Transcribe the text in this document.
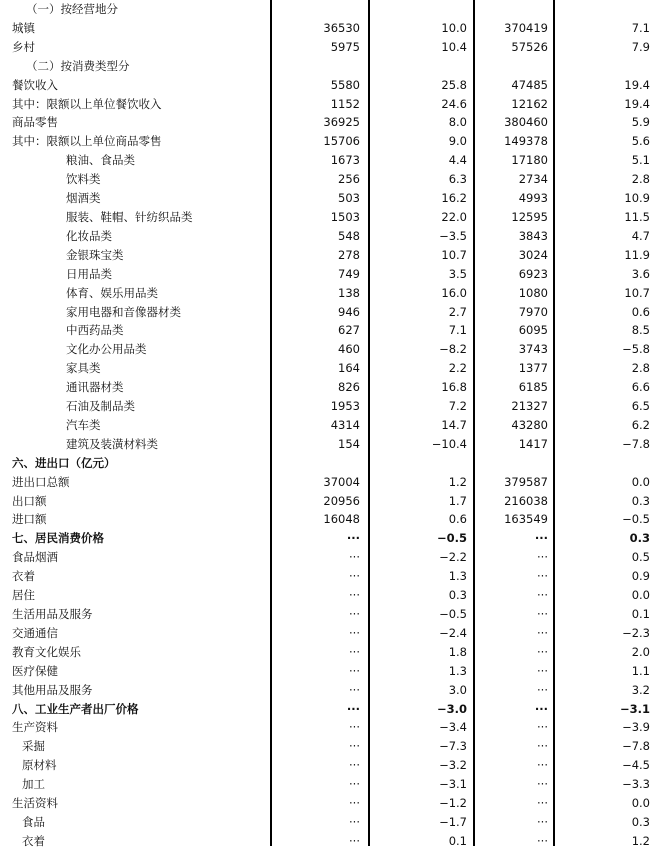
（一）按经营地分
城镇	36530	10.0	370419	7.1
乡村	5975	10.4	57526	7.9
（二）按消费类型分
餐饮收入	5580	25.8	47485	19.4
其中：限额以上单位餐饮收入	1152	24.6	12162	19.4
商品零售	36925	8.0	380460	5.9
其中：限额以上单位商品零售	15706	9.0	149378	5.6
粮油、食品类	1673	4.4	17180	5.1
饮料类	256	6.3	2734	2.8
烟酒类	503	16.2	4993	10.9
服装、鞋帽、针纺织品类	1503	22.0	12595	11.5
化妆品类	548	−3.5	3843	4.7
金银珠宝类	278	10.7	3024	11.9
日用品类	749	3.5	6923	3.6
体育、娱乐用品类	138	16.0	1080	10.7
家用电器和音像器材类	946	2.7	7970	0.6
中西药品类	627	7.1	6095	8.5
文化办公用品类	460	−8.2	3743	−5.8
家具类	164	2.2	1377	2.8
通讯器材类	826	16.8	6185	6.6
石油及制品类	1953	7.2	21327	6.5
汽车类	4314	14.7	43280	6.2
建筑及装潢材料类	154	−10.4	1417	−7.8
六、进出口（亿元）
进出口总额	37004	1.2	379587	0.0
出口额	20956	1.7	216038	0.3
进口额	16048	0.6	163549	−0.5
七、居民消费价格	···	−0.5	···	0.3
食品烟酒	···	−2.2	···	0.5
衣着	···	1.3	···	0.9
居住	···	0.3	···	0.0
生活用品及服务	···	−0.5	···	0.1
交通通信	···	−2.4	···	−2.3
教育文化娱乐	···	1.8	···	2.0
医疗保健	···	1.3	···	1.1
其他用品及服务	···	3.0	···	3.2
八、工业生产者出厂价格	···	−3.0	···	−3.1
生产资料	···	−3.4	···	−3.9
采掘	···	−7.3	···	−7.8
原材料	···	−3.2	···	−4.5
加工	···	−3.1	···	−3.3
生活资料	···	−1.2	···	0.0
食品	···	−1.7	···	0.3
衣着	···	0.1	···	1.2
